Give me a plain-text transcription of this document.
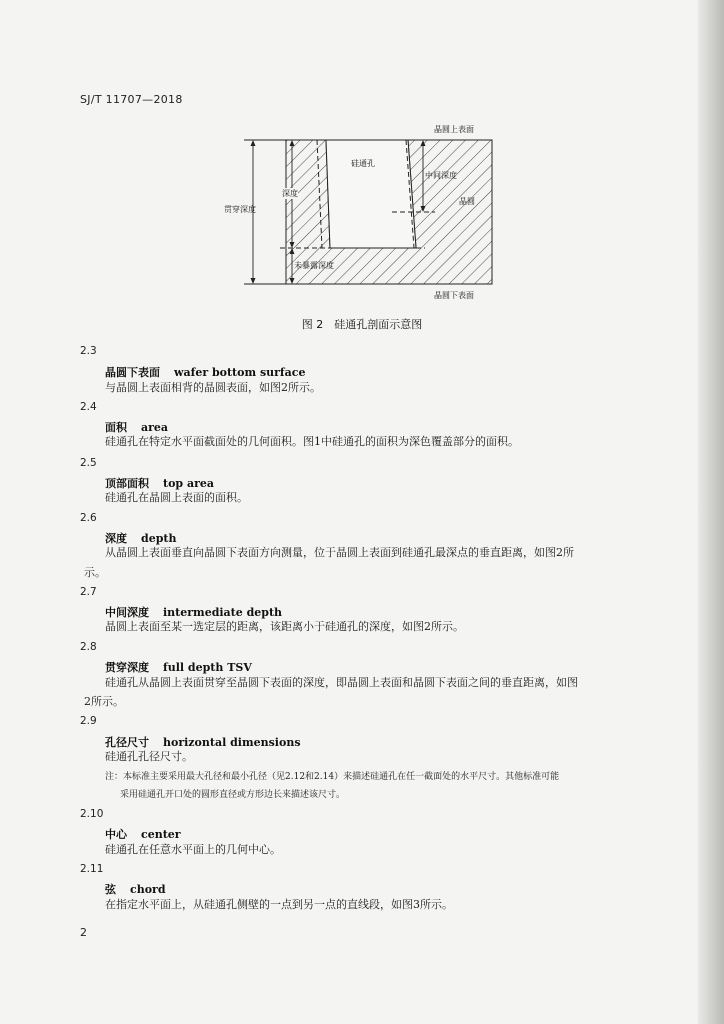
SJ/T 11707—2018
晶圆上表面
硅通孔
中间深度
晶圆
贯穿深度
深度
未暴露深度
晶圆下表面
图 2　硅通孔剖面示意图
2.3
晶圆下表面 wafer bottom surface
与晶圆上表面相背的晶圆表面，如图2所示。
2.4
面积 area
硅通孔在特定水平面截面处的几何面积。图1中硅通孔的面积为深色覆盖部分的面积。
2.5
顶部面积 top area
硅通孔在晶圆上表面的面积。
2.6
深度 depth
从晶圆上表面垂直向晶圆下表面方向测量，位于晶圆上表面到硅通孔最深点的垂直距离，如图2所
示。
2.7
中间深度 intermediate depth
晶圆上表面至某一选定层的距离，该距离小于硅通孔的深度，如图2所示。
2.8
贯穿深度 full depth TSV
硅通孔从晶圆上表面贯穿至晶圆下表面的深度，即晶圆上表面和晶圆下表面之间的垂直距离，如图
2所示。
2.9
孔径尺寸 horizontal dimensions
硅通孔孔径尺寸。
注：本标准主要采用最大孔径和最小孔径（见2.12和2.14）来描述硅通孔在任一截面处的水平尺寸。其他标准可能
采用硅通孔开口处的圆形直径或方形边长来描述该尺寸。
2.10
中心 center
硅通孔在任意水平面上的几何中心。
2.11
弦 chord
在指定水平面上，从硅通孔侧壁的一点到另一点的直线段，如图3所示。
2
